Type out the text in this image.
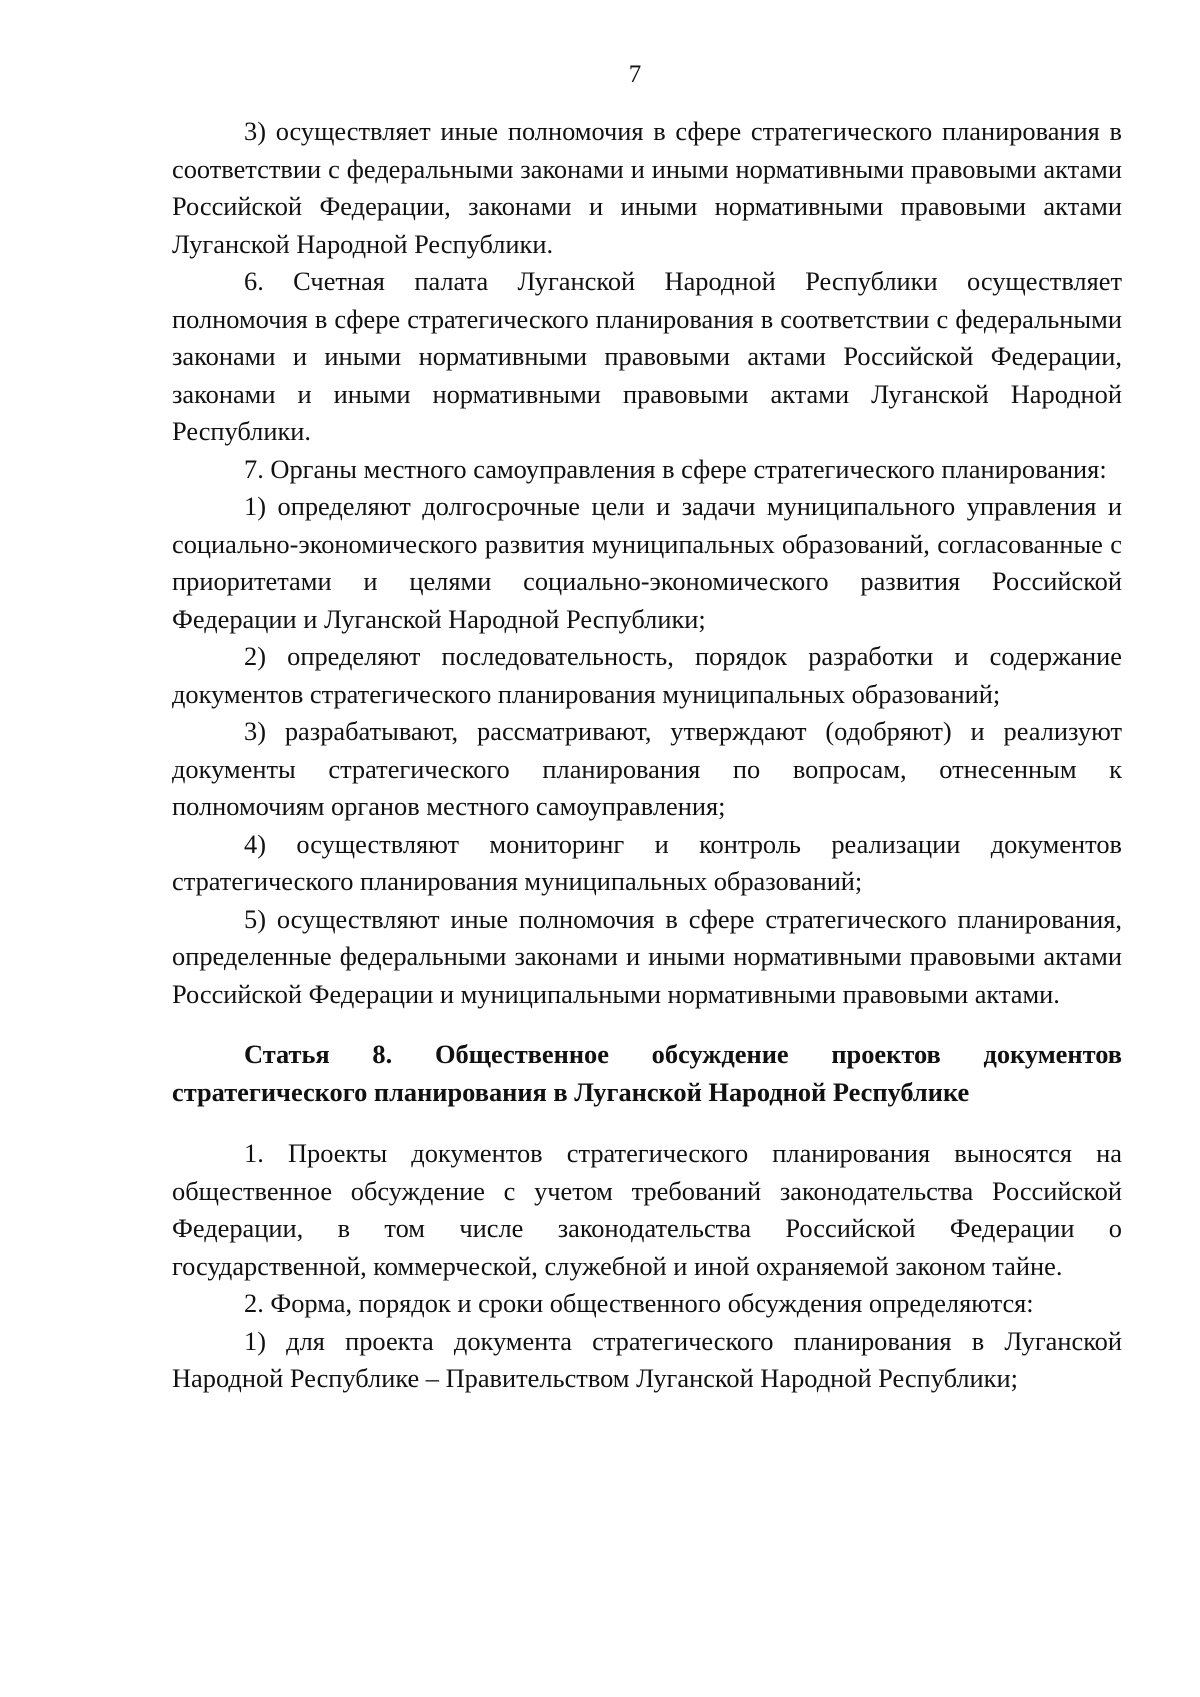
7

3) осуществляет иные полномочия в сфере стратегического планирования в соответствии с федеральными законами и иными нормативными правовыми актами Российской Федерации, законами и иными нормативными правовыми актами Луганской Народной Республики.

6. Счетная палата Луганской Народной Республики осуществляет полномочия в сфере стратегического планирования в соответствии с федеральными законами и иными нормативными правовыми актами Российской Федерации, законами и иными нормативными правовыми актами Луганской Народной Республики.

7. Органы местного самоуправления в сфере стратегического планирования:

1) определяют долгосрочные цели и задачи муниципального управления и социально-экономического развития муниципальных образований, согласованные с приоритетами и целями социально-экономического развития Российской Федерации и Луганской Народной Республики;

2) определяют последовательность, порядок разработки и содержание документов стратегического планирования муниципальных образований;

3) разрабатывают, рассматривают, утверждают (одобряют) и реализуют документы стратегического планирования по вопросам, отнесенным к полномочиям органов местного самоуправления;

4) осуществляют мониторинг и контроль реализации документов стратегического планирования муниципальных образований;

5) осуществляют иные полномочия в сфере стратегического планирования, определенные федеральными законами и иными нормативными правовыми актами Российской Федерации и муниципальными нормативными правовыми актами.

Статья 8. Общественное обсуждение проектов документов стратегического планирования в Луганской Народной Республике

1. Проекты документов стратегического планирования выносятся на общественное обсуждение с учетом требований законодательства Российской Федерации, в том числе законодательства Российской Федерации о государственной, коммерческой, служебной и иной охраняемой законом тайне.

2. Форма, порядок и сроки общественного обсуждения определяются:

1) для проекта документа стратегического планирования в Луганской Народной Республике – Правительством Луганской Народной Республики;
